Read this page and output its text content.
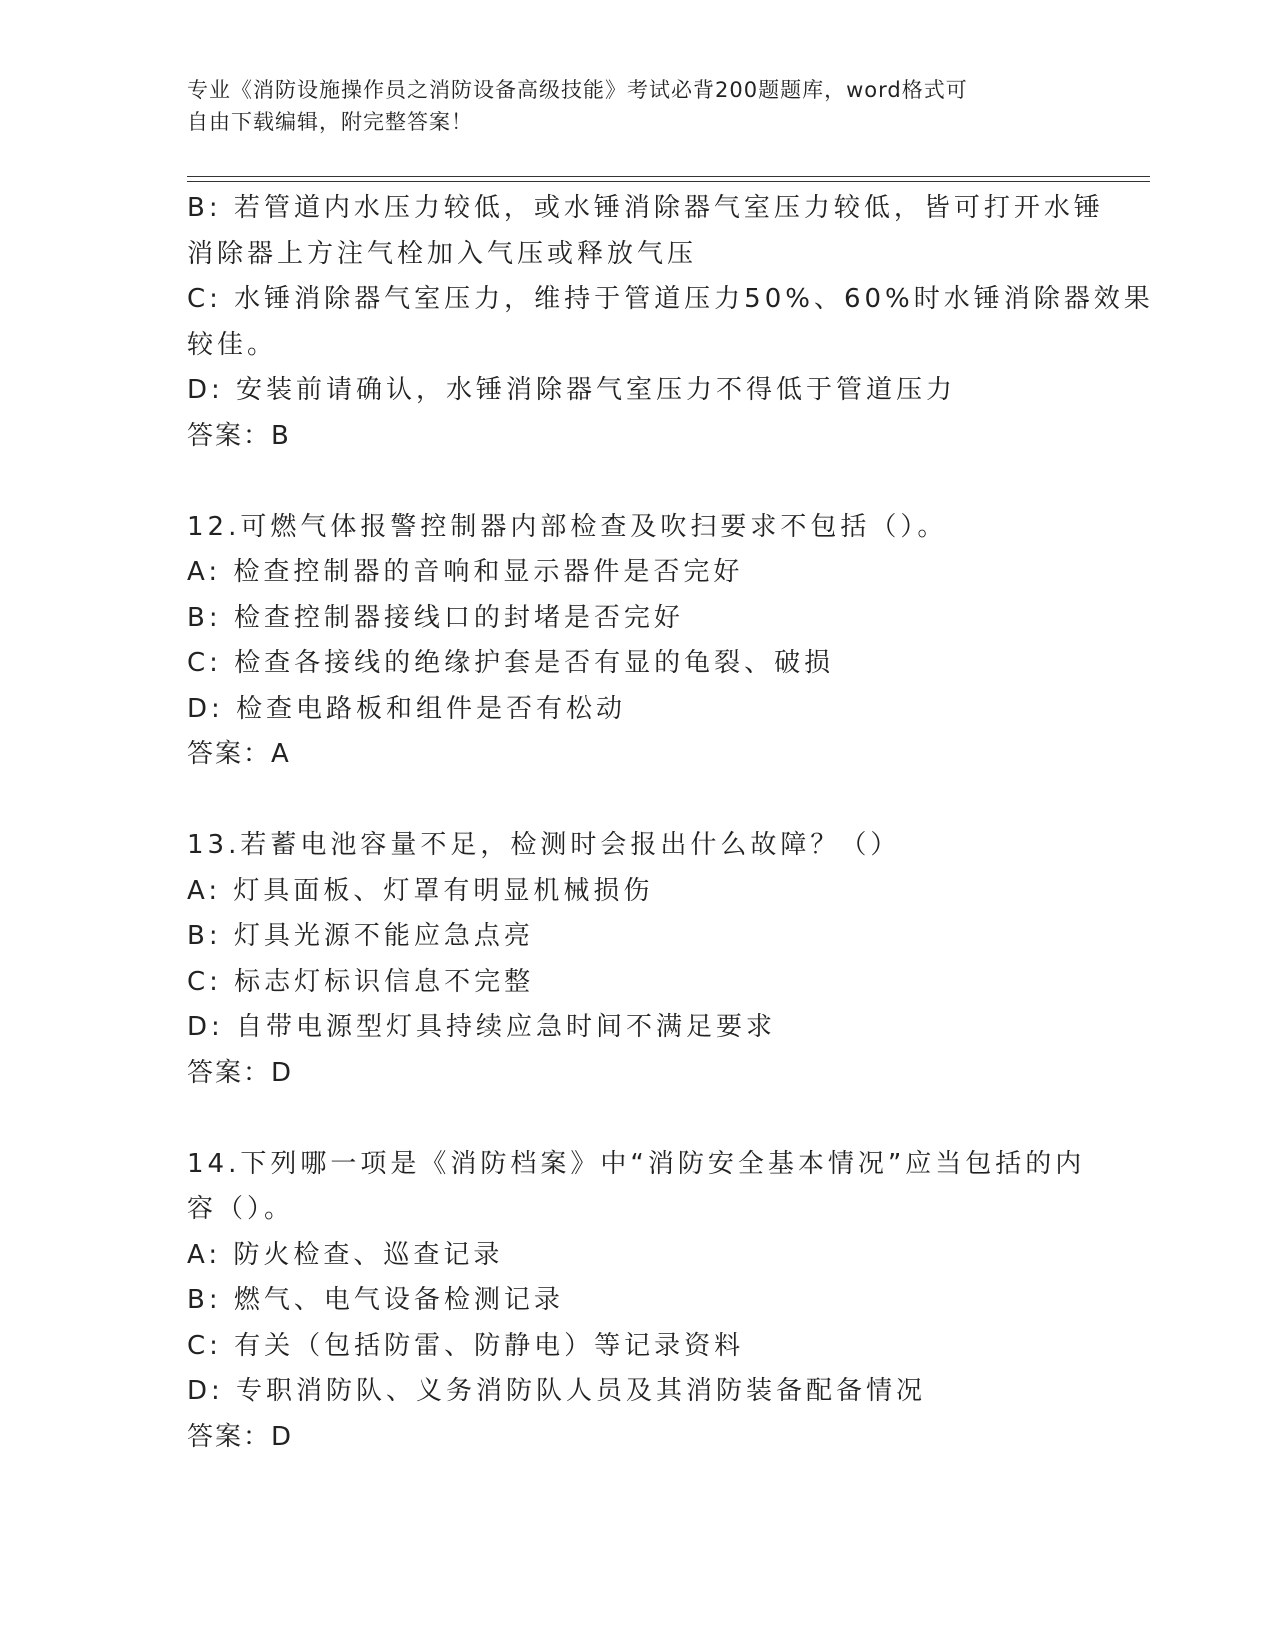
专业《消防设施操作员之消防设备高级技能》考试必背200题题库，word格式可
自由下载编辑，附完整答案！
B: 若管道内水压力较低，或水锤消除器气室压力较低，皆可打开水锤
消除器上方注气栓加入气压或释放气压
C: 水锤消除器气室压力，维持于管道压力50%、60%时水锤消除器效果
较佳。
D: 安装前请确认，水锤消除器气室压力不得低于管道压力
答案：B
12.可燃气体报警控制器内部检查及吹扫要求不包括（）。
A: 检查控制器的音响和显示器件是否完好
B: 检查控制器接线口的封堵是否完好
C: 检查各接线的绝缘护套是否有显的龟裂、破损
D: 检查电路板和组件是否有松动
答案：A
13.若蓄电池容量不足，检测时会报出什么故障？（）
A: 灯具面板、灯罩有明显机械损伤
B: 灯具光源不能应急点亮
C: 标志灯标识信息不完整
D: 自带电源型灯具持续应急时间不满足要求
答案：D
14.下列哪一项是《消防档案》中“消防安全基本情况”应当包括的内
容（）。
A: 防火检查、巡查记录
B: 燃气、电气设备检测记录
C: 有关（包括防雷、防静电）等记录资料
D: 专职消防队、义务消防队人员及其消防装备配备情况
答案：D
